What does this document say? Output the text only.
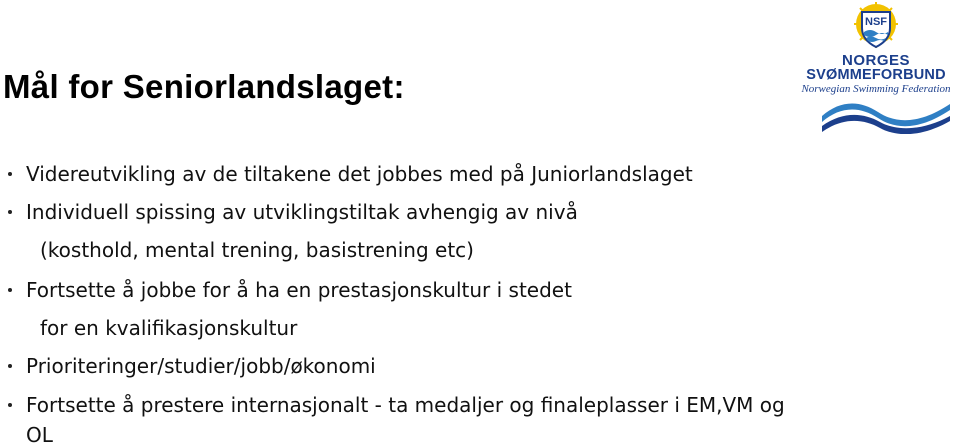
Mål for Seniorlandslaget:
NSF
NORGES
SVØMMEFORBUND
Norwegian Swimming Federation
Videreutvikling av de tiltakene det jobbes med på Juniorlandslaget
Individuell spissing av utviklingstiltak avhengig av nivå
(kosthold, mental trening, basistrening etc)
Fortsette å jobbe for å ha en prestasjonskultur i stedet
for en kvalifikasjonskultur
Prioriteringer/studier/jobb/økonomi
Fortsette å prestere internasjonalt - ta medaljer og finaleplasser i EM,VM og
OL
